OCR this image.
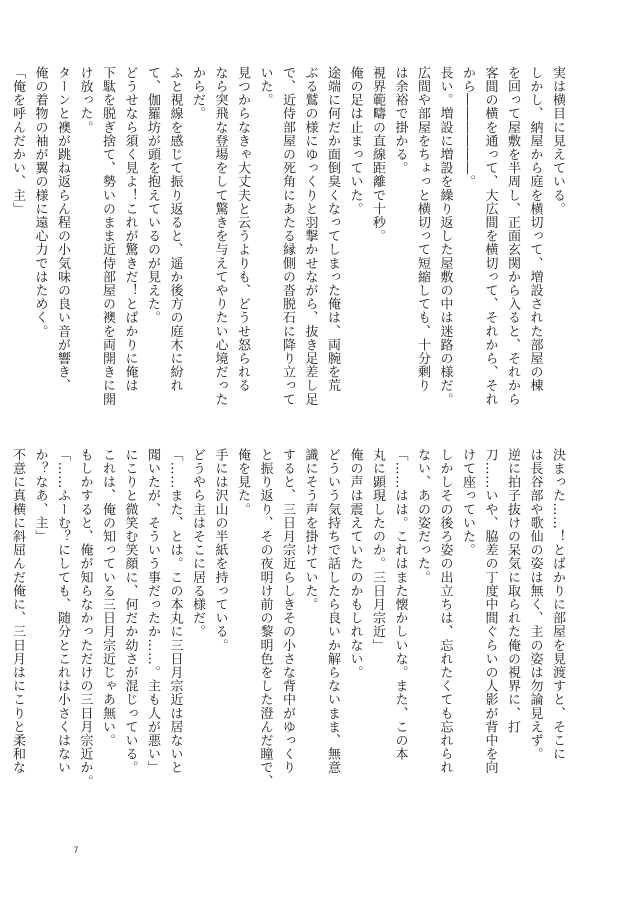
実は横目に見えている。
しかし、納屋から庭を横切って、増設された部屋の棟
を回って屋敷を半周し、正面玄関から入ると、それから
客間の横を通って、大広間を横切って、それから、それ
から――――――。
長い。増設に増設を繰り返した屋敷の中は迷路の様だ。
広間や部屋をちょっと横切って短縮しても、十分剰り
は余裕で掛かる。
視界範疇の直線距離で十秒。
俺の足は止まっていた。
途端に何だか面倒臭くなってしまった俺は、両腕を荒
ぶる鷲の様にゆっくりと羽撃かせながら、抜き足差し足
で、近侍部屋の死角にあたる縁側の沓脱石に降り立って
いた。
見つからなきゃ大丈夫と云うよりも、どうせ怒られる
なら突飛な登場をして驚きを与えてやりたい心境だった
からだ。
ふと視線を感じて振り返ると、遥か後方の庭木に紛れ
て、伽羅坊が頭を抱えているのが見えた。
どうせなら須く見よ！これが驚きだ！とばかりに俺は
下駄を脱ぎ捨て、勢いのまま近侍部屋の襖を両開きに開
け放った。
ターンと襖が跳ね返らん程の小気味の良い音が響き、
俺の着物の袖が翼の様に遠心力ではためく。
「俺を呼んだかい、主」
決まった……！とばかりに部屋を見渡すと、そこに
は長谷部や歌仙の姿は無く、主の姿は勿論見えず。
逆に拍子抜けの呆気に取られた俺の視界に、打
刀……いや、脇差の丁度中間ぐらいの人影が背中を向
けて座っていた。
しかしその後ろ姿の出立ちは、忘れたくても忘れられ
ない、あの姿だった。
「……はは。これはまた懐かしいな。また、この本
丸に顕現したのか。三日月宗近」
俺の声は震えていたのかもしれない。
どういう気持ちで話したら良いか解らないまま、無意
識にそう声を掛けていた。
すると、三日月宗近らしきその小さな背中がゆっくり
と振り返り、その夜明け前の黎明色をした澄んだ瞳で、
俺を見た。
手には沢山の半紙を持っている。
どうやら主はそこに居る様だ。
「……また、とは。この本丸に三日月宗近は居ないと
聞いたが、そういう事だったか……。主も人が悪い」
にこりと微笑む笑顔に、何だか幼さが混じっている。
これは、俺の知っている三日月宗近じゃあ無い。
もしかすると、俺が知らなかっただけの三日月宗近か。
「……ふーむ？にしても、随分とこれは小さくはない
か？なあ、主」
不意に真横に斜屈んだ俺に、三日月はにこりと柔和な
7
